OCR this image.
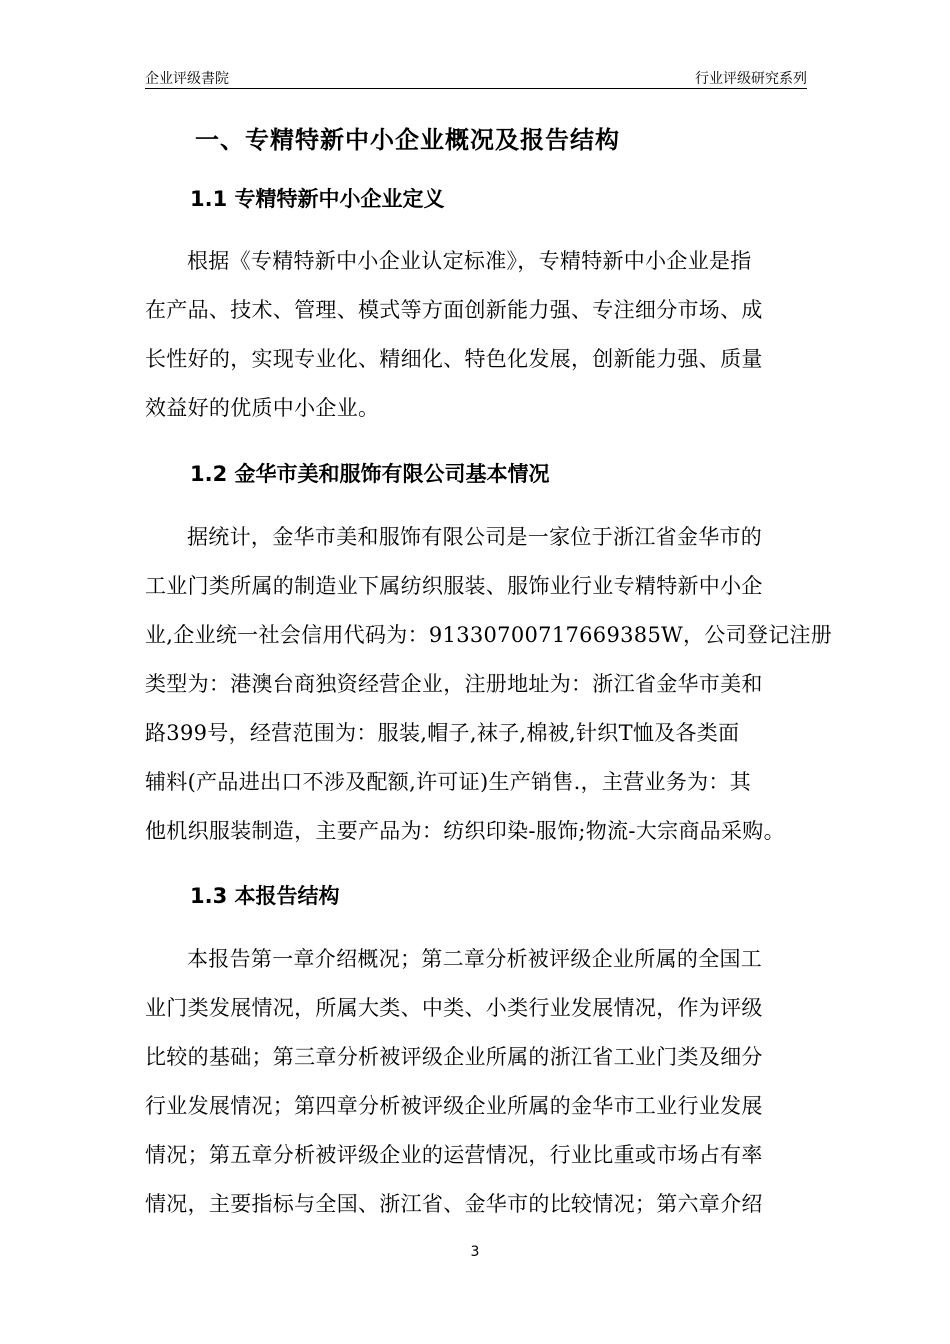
企业评级書院	行业评级研究系列
一、专精特新中小企业概况及报告结构
1.1 专精特新中小企业定义
根据《专精特新中小企业认定标准》，专精特新中小企业是指
在产品、技术、管理、模式等方面创新能力强、专注细分市场、成
长性好的，实现专业化、精细化、特色化发展，创新能力强、质量
效益好的优质中小企业。
1.2 金华市美和服饰有限公司基本情况
据统计，金华市美和服饰有限公司是一家位于浙江省金华市的
工业门类所属的制造业下属纺织服装、服饰业行业专精特新中小企
业,企业统一社会信用代码为：91330700717669385W，公司登记注册
类型为：港澳台商独资经营企业，注册地址为：浙江省金华市美和
路399号，经营范围为：服装,帽子,袜子,棉被,针织T恤及各类面
辅料(产品进出口不涉及配额,许可证)生产销售.，主营业务为：其
他机织服装制造，主要产品为：纺织印染-服饰;物流-大宗商品采购。
1.3 本报告结构
本报告第一章介绍概况；第二章分析被评级企业所属的全国工
业门类发展情况，所属大类、中类、小类行业发展情况，作为评级
比较的基础；第三章分析被评级企业所属的浙江省工业门类及细分
行业发展情况；第四章分析被评级企业所属的金华市工业行业发展
情况；第五章分析被评级企业的运营情况，行业比重或市场占有率
情况，主要指标与全国、浙江省、金华市的比较情况；第六章介绍
3
